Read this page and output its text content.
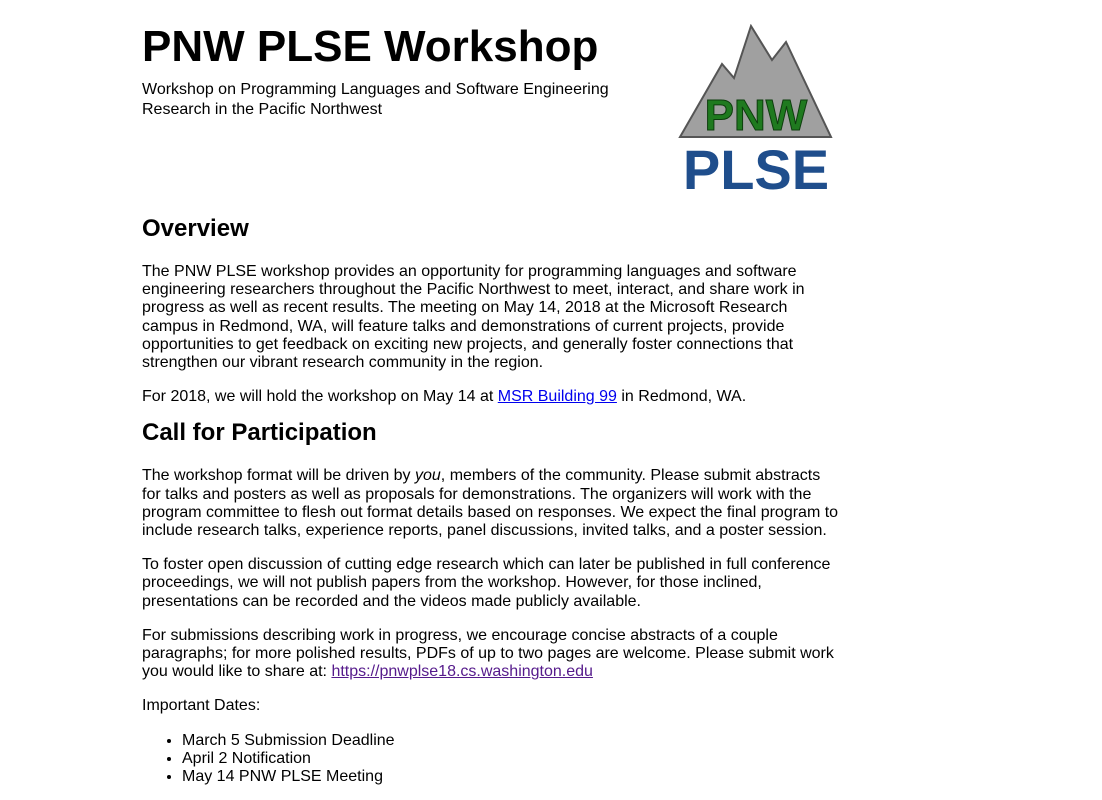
PNW PLSE Workshop

Workshop on Programming Languages and Software Engineering Research in the Pacific Northwest	PNW
PLSE
Overview

The PNW PLSE workshop provides an opportunity for programming languages and software engineering researchers throughout the Pacific Northwest to meet, interact, and share work in progress as well as recent results. The meeting on May 14, 2018 at the Microsoft Research campus in Redmond, WA, will feature talks and demonstrations of current projects, provide opportunities to get feedback on exciting new projects, and generally foster connections that strengthen our vibrant research community in the region.

For 2018, we will hold the workshop on May 14 at MSR Building 99 in Redmond, WA.

Call for Participation

The workshop format will be driven by you, members of the community. Please submit abstracts for talks and posters as well as proposals for demonstrations. The organizers will work with the program committee to flesh out format details based on responses. We expect the final program to include research talks, experience reports, panel discussions, invited talks, and a poster session.

To foster open discussion of cutting edge research which can later be published in full conference proceedings, we will not publish papers from the workshop. However, for those inclined, presentations can be recorded and the videos made publicly available.

For submissions describing work in progress, we encourage concise abstracts of a couple paragraphs; for more polished results, PDFs of up to two pages are welcome. Please submit work you would like to share at: https://pnwplse18.cs.washington.edu

Important Dates:

• March 5 Submission Deadline
• April 2 Notification
• May 14 PNW PLSE Meeting
